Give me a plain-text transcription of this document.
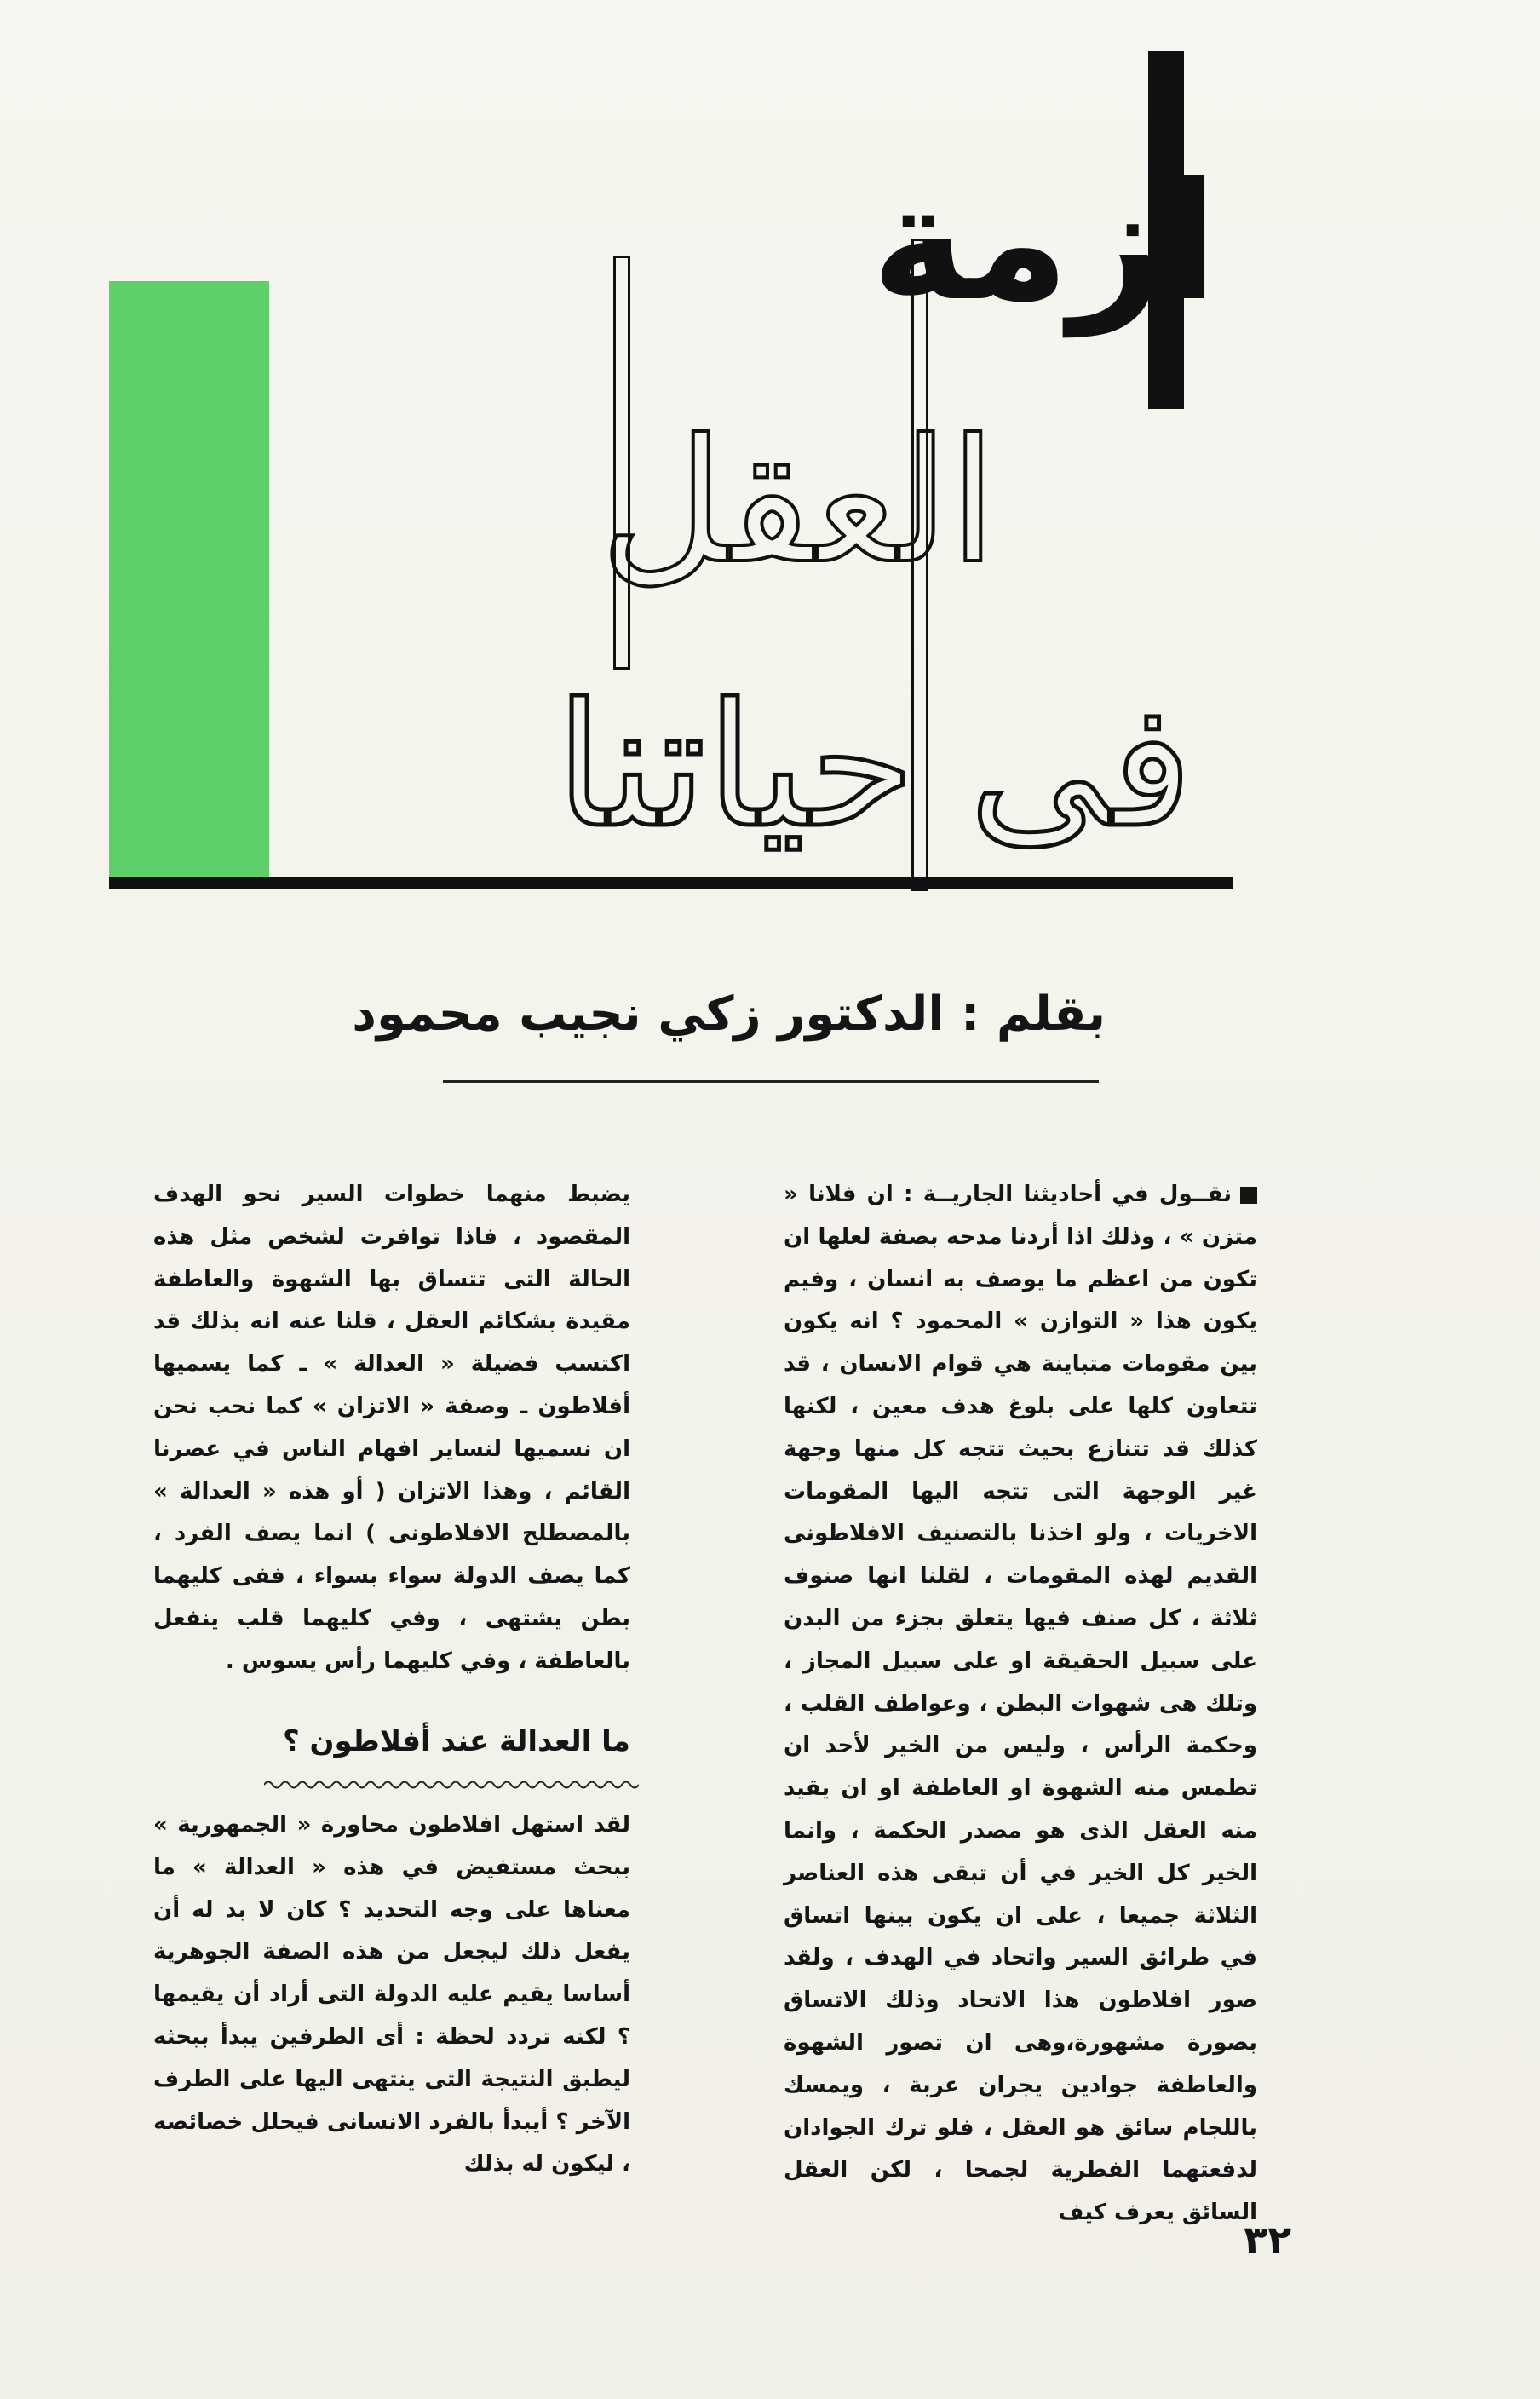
ازمة
العقل
فى حياتنا
بقلم : الدكتور زكي نجيب محمود

نقــول في أحاديثنا الجاريــة : ان فلانا « متزن » ، وذلك اذا أردنا مدحه بصفة لعلها ان تكون من اعظم ما يوصف به انسان ، وفيم يكون هذا « التوازن » المحمود ؟ انه يكون بين مقومات متباينة هي قوام الانسان ، قد تتعاون كلها على بلوغ هدف معين ، لكنها كذلك قد تتنازع بحيث تتجه كل منها وجهة غير الوجهة التى تتجه اليها المقومات الاخريات ، ولو اخذنا بالتصنيف الافلاطونى القديم لهذه المقومات ، لقلنا انها صنوف ثلاثة ، كل صنف فيها يتعلق بجزء من البدن على سبيل الحقيقة او على سبيل المجاز ، وتلك هى شهوات البطن ، وعواطف القلب ، وحكمة الرأس ، وليس من الخير لأحد ان تطمس منه الشهوة او العاطفة او ان يقيد منه العقل الذى هو مصدر الحكمة ، وانما الخير كل الخير في أن تبقى هذه العناصر الثلاثة جميعا ، على ان يكون بينها اتساق في طرائق السير واتحاد في الهدف ، ولقد صور افلاطون هذا الاتحاد وذلك الاتساق بصورة مشهورة،وهى ان تصور الشهوة والعاطفة جوادين يجران عربة ، ويمسك باللجام سائق هو العقل ، فلو ترك الجوادان لدفعتهما الفطرية لجمحا ، لكن العقل السائق يعرف كيف

يضبط منهما خطوات السير نحو الهدف المقصود ، فاذا توافرت لشخص مثل هذه الحالة التى تتساق بها الشهوة والعاطفة مقيدة بشكائم العقل ، قلنا عنه انه بذلك قد اكتسب فضيلة « العدالة » ـ كما يسميها أفلاطون ـ وصفة « الاتزان » كما نحب نحن ان نسميها لنساير افهام الناس في عصرنا القائم ، وهذا الاتزان ( أو هذه « العدالة » بالمصطلح الافلاطونى ) انما يصف الفرد ، كما يصف الدولة سواء بسواء ، ففى كليهما بطن يشتهى ، وفي كليهما قلب ينفعل بالعاطفة ، وفي كليهما رأس يسوس .

ما العدالة عند أفلاطون ؟

لقد استهل افلاطون محاورة « الجمهورية » ببحث مستفيض في هذه « العدالة » ما معناها على وجه التحديد ؟ كان لا بد له أن يفعل ذلك ليجعل من هذه الصفة الجوهرية أساسا يقيم عليه الدولة التى أراد أن يقيمها ؟ لكنه تردد لحظة : أى الطرفين يبدأ ببحثه ليطبق النتيجة التى ينتهى اليها على الطرف الآخر ؟ أيبدأ بالفرد الانسانى فيحلل خصائصه ، ليكون له بذلك

٣٢
